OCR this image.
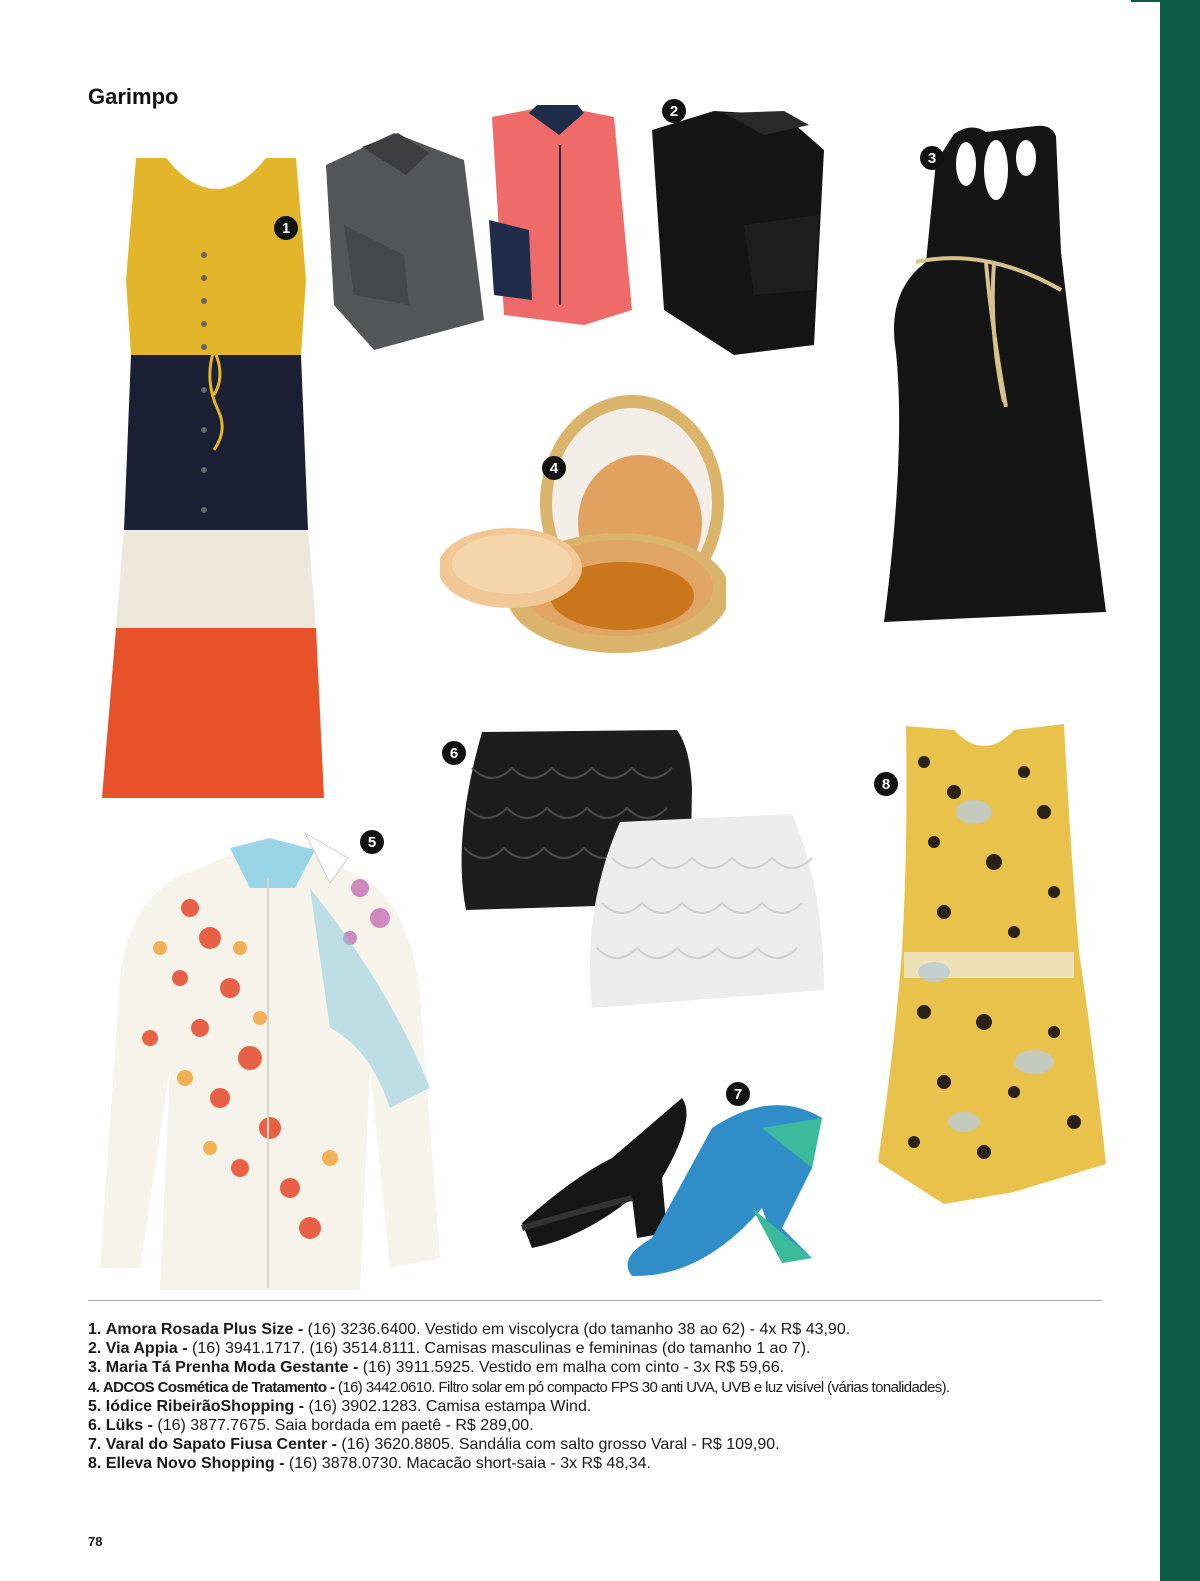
Garimpo
1
2
3
4
5
6
7
8
1. Amora Rosada Plus Size - (16) 3236.6400. Vestido em viscolycra (do tamanho 38 ao 62) - 4x R$ 43,90.
2. Via Appia - (16) 3941.1717. (16) 3514.8111. Camisas masculinas e femininas (do tamanho 1 ao 7).
3. Maria Tá Prenha Moda Gestante - (16) 3911.5925. Vestido em malha com cinto - 3x R$ 59,66.
4. ADCOS Cosmética de Tratamento - (16) 3442.0610. Filtro solar em pó compacto FPS 30 anti UVA, UVB e luz visível (várias tonalidades).
5. Iódice RibeirãoShopping - (16) 3902.1283. Camisa estampa Wind.
6. Lüks - (16) 3877.7675. Saia bordada em paetê - R$ 289,00.
7. Varal do Sapato Fiusa Center - (16) 3620.8805. Sandália com salto grosso Varal - R$ 109,90.
8. Elleva Novo Shopping - (16) 3878.0730. Macacão short-saia - 3x R$ 48,34.
78
